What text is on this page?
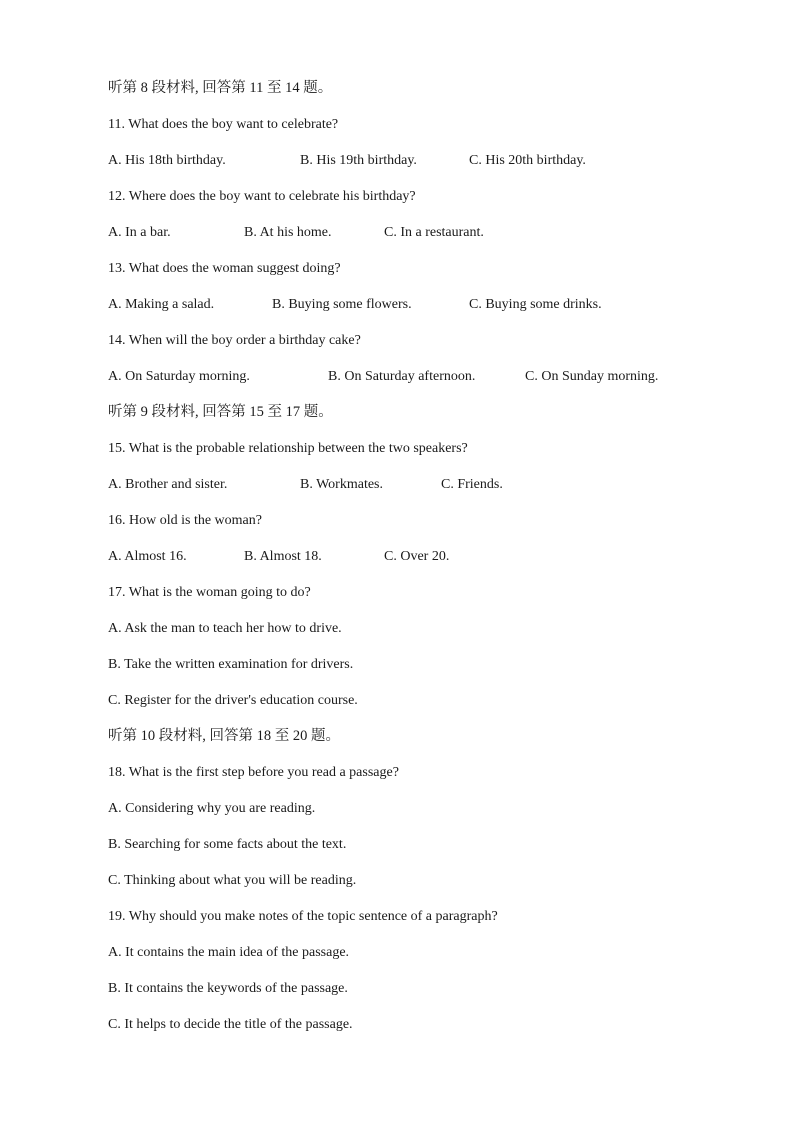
听第 8 段材料, 回答第 11 至 14 题。
11. What does the boy want to celebrate?
A. His 18th birthday.	B. His 19th birthday.	C. His 20th birthday.
12. Where does the boy want to celebrate his birthday?
A. In a bar.	B. At his home.	C. In a restaurant.
13. What does the woman suggest doing?
A. Making a salad.	B. Buying some flowers.	C. Buying some drinks.
14. When will the boy order a birthday cake?
A. On Saturday morning.	B. On Saturday afternoon.	C. On Sunday morning.
听第 9 段材料, 回答第 15 至 17 题。
15. What is the probable relationship between the two speakers?
A. Brother and sister.	B. Workmates.	C. Friends.
16. How old is the woman?
A. Almost 16.	B. Almost 18.	C. Over 20.
17. What is the woman going to do?
A. Ask the man to teach her how to drive.
B. Take the written examination for drivers.
C. Register for the driver's education course.
听第 10 段材料, 回答第 18 至 20 题。
18. What is the first step before you read a passage?
A. Considering why you are reading.
B. Searching for some facts about the text.
C. Thinking about what you will be reading.
19. Why should you make notes of the topic sentence of a paragraph?
A. It contains the main idea of the passage.
B. It contains the keywords of the passage.
C. It helps to decide the title of the passage.
